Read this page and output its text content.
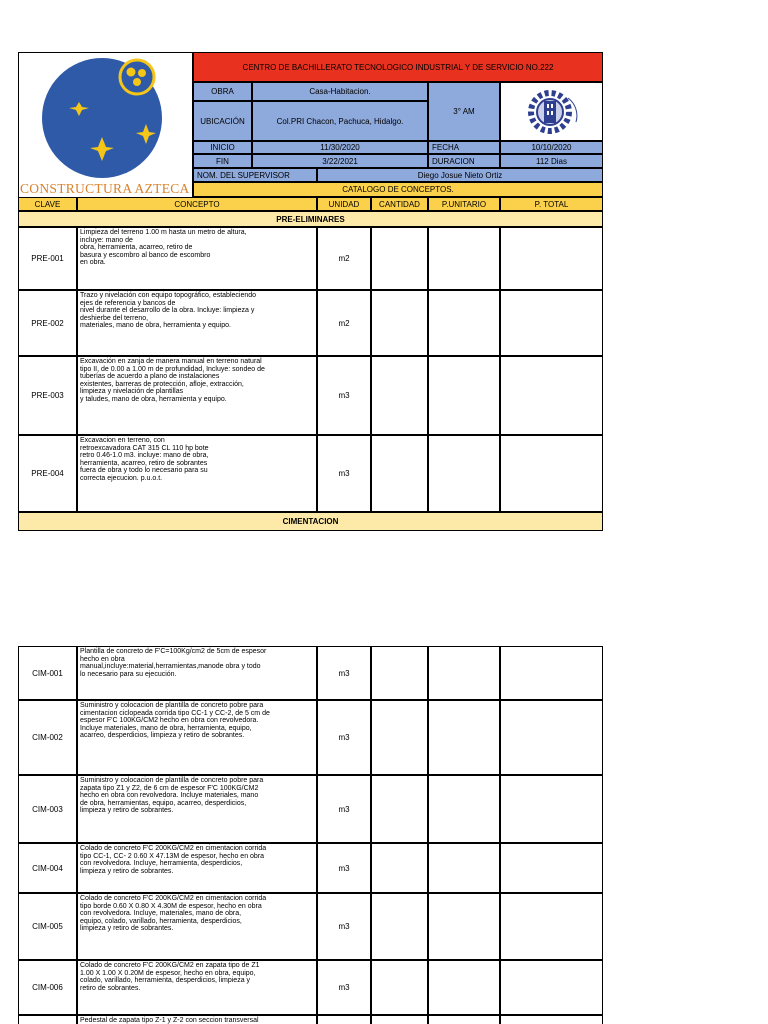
CONSTRUCTURA AZTECA
CENTRO DE BACHILLERATO TECNOLOGICO INDUSTRIAL Y DE SERVICIO NO.222
OBRA	Casa-Habitacion.
UBICACIÓN	Col.PRI Chacon, Pachuca, Hidalgo.
3° AM
INICIO	11/30/2020	FECHA	10/10/2020
FIN	3/22/2021	DURACION	112 Dias
NOM. DEL SUPERVISOR	Diego Josue Nieto Ortiz
CATALOGO DE CONCEPTOS.
CLAVE	CONCEPTO	UNIDAD	CANTIDAD	P.UNITARIO	P. TOTAL
PRE-ELIMINARES
PRE-001
Limpieza del terreno 1.00 m hasta un metro de altura,
incluye: mano de
obra, herramienta, acarreo, retiro de
basura y escombro al banco de escombro
en obra.	m2
PRE-002
Trazo y nivelación con equipo topográfico, estableciendo
ejes de referencia y bancos de
nivel durante el desarrollo de la obra. Incluye: limpieza y
deshierbe del terreno,
materiales, mano de obra, herramienta y equipo.	m2
PRE-003
Excavación en zanja de manera manual en terreno natural
tipo II, de 0.00 a 1.00 m de profundidad, Incluye: sondeo de
tuberías de acuerdo a plano de instalaciones
existentes, barreras de protección, afloje, extracción,
limpieza y nivelación de plantillas
y taludes, mano de obra, herramienta y equipo.	m3
PRE-004
Excavacion en terreno, con
retroexcavadora CAT 315 CL 110 hp bote
retro 0.46-1.0 m3. incluye: mano de obra,
herramienta, acarreo, retiro de sobrantes
fuera de obra y todo lo necesario para su
correcta ejecucion. p.u.o.t.
m3
CIMENTACION
CIM-001
Plantilla de concreto de F'C=100Kg/cm2 de 5cm de espesor
hecho en obra
manual,incluye:material,herramientas,manode obra y todo
lo necesario para su ejecución.	m3
CIM-002
Suministro y colocacion de plantilla de concreto pobre para
cimentacion ciclopeada corrida tipo CC-1 y CC-2, de 5 cm de
espesor F'C 100KG/CM2 hecho en obra con revolvedora.
Incluye materiales, mano de obra, herramienta, equipo,
acarreo, desperdicios, limpieza y retiro de sobrantes.	m3
CIM-003
Suministro y colocacion de plantilla de concreto pobre para
zapata tipo Z1 y Z2, de 6 cm de espesor F'C 100KG/CM2
hecho en obra con revolvedora. Incluye materiales, mano
de obra, herramientas, equipo, acarreo, desperdicios,
limpieza y retiro de sobrantes.	m3
CIM-004
Colado de concreto F'C 200KG/CM2 en cimentacion corrida
tipo CC-1, CC- 2 0.60 X 47.13M de espesor, hecho en obra
con revolvedora. Incluye, herramienta, desperdicios,
limpieza y retiro de sobrantes.	m3
CIM-005
Colado de concreto F'C 200KG/CM2 en cimentacion corrida
tipo borde 0.60 X 0.80 X 4.30M de espesor, hecho en obra
con revolvedora. Incluye, materiales, mano de obra,
equipo, colado, varillado, herramienta, desperdicios,
limpieza y retiro de sobrantes.	m3
CIM-006
Colado de concreto F'C 200KG/CM2 en zapata tipo de Z1
1.00 X 1.00 X 0.20M de espesor, hecho en obra, equipo,
colado, varillado, herramienta, desperdicios, limpieza y
retiro de sobrantes.	m3
Pedestal de zapata tipo Z-1 y Z-2 con seccion transversal
